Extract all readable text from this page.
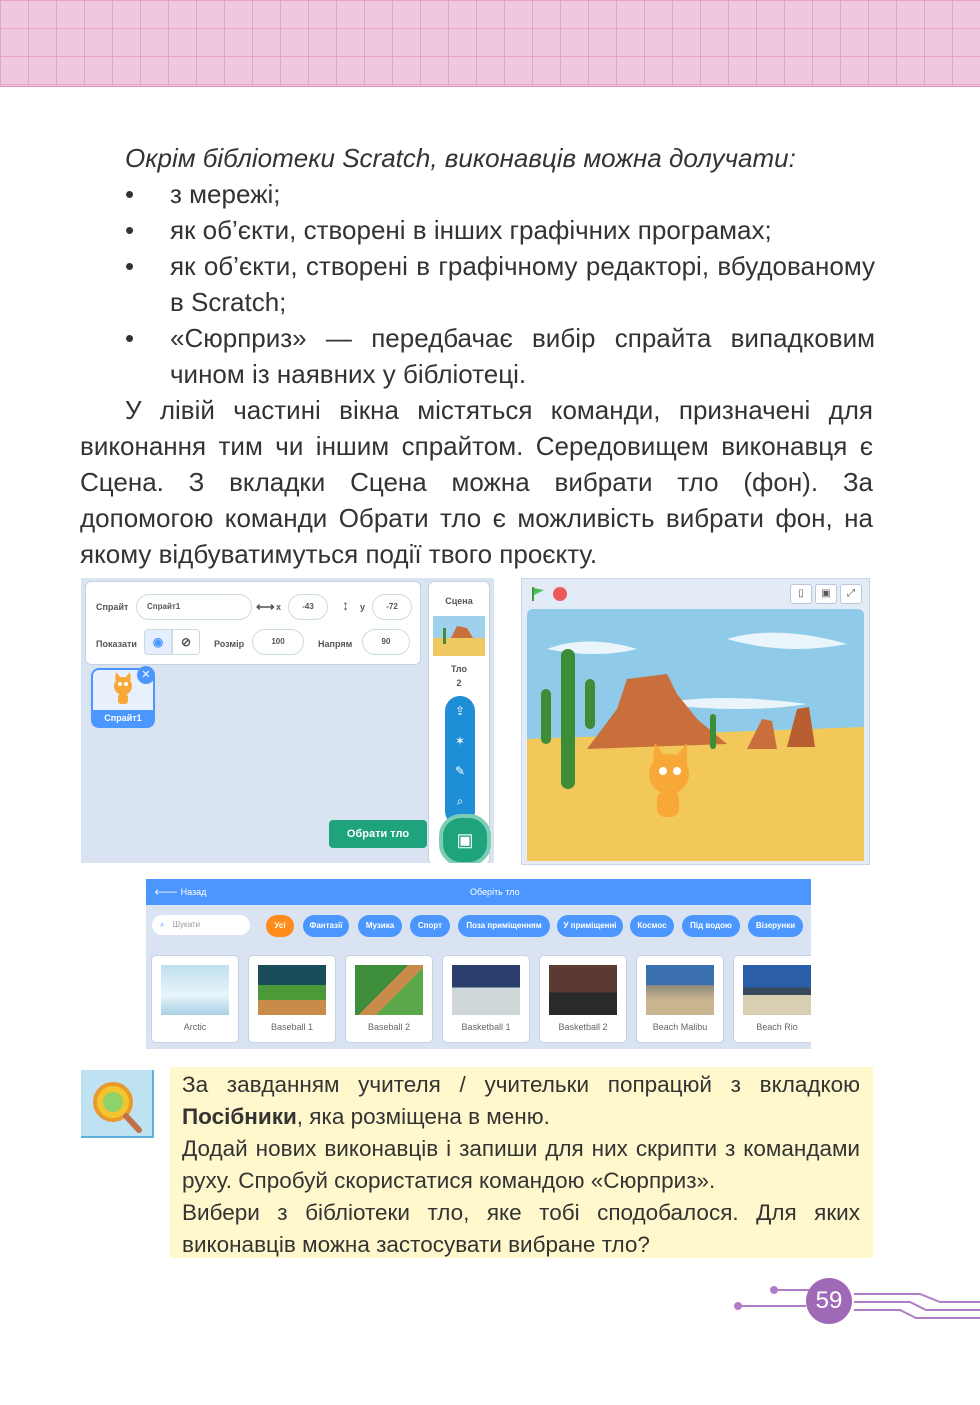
Окрім бібліотеки Scratch, виконавців можна долучати:
• з мережі;
• як об’єкти, створені в інших графічних програмах;
• як об’єкти, створені в графічному редакторі, вбудованому в Scratch;
• «Сюрприз» — передбачає вибір спрайта випадковим чином із наявних у бібліотеці.
У лівій частині вікна містяться команди, призначені для виконання тим чи іншим спрайтом. Середовищем виконавця є Сцена. З вкладки Сцена можна вибрати тло (фон). За допомогою команди Обрати тло є можливість вибрати фон, на якому відбуватимуться події твого проєкту.
Спрайт	Спрайт1	⟷ x	-43	↕ y	-72
Показати	◉	⊘	Розмір	100	Напрям	90
Спрайт1
✕
Сцена
Тло
2
⇪
✶
✎
⌕
Обрати тло	▣
▯	▣	⤢
🡐 Назад	Оберіть тло
⌕ Шукати	Усі	Фантазії	Музика	Спорт	Поза приміщенням	У приміщенні	Космос	Під водою	Візерунки
Arctic	Baseball 1	Baseball 2	Basketball 1	Basketball 2	Beach Malibu	Beach Rio
За завданням учителя / учительки попрацюй з вкладкою Посібники, яка розміщена в меню.
Додай нових виконавців і запиши для них скрипти з командами руху. Спробуй скористатися командою «Сюрприз».
Вибери з бібліотеки тло, яке тобі сподобалося. Для яких виконавців можна застосувати вибране тло?
59
